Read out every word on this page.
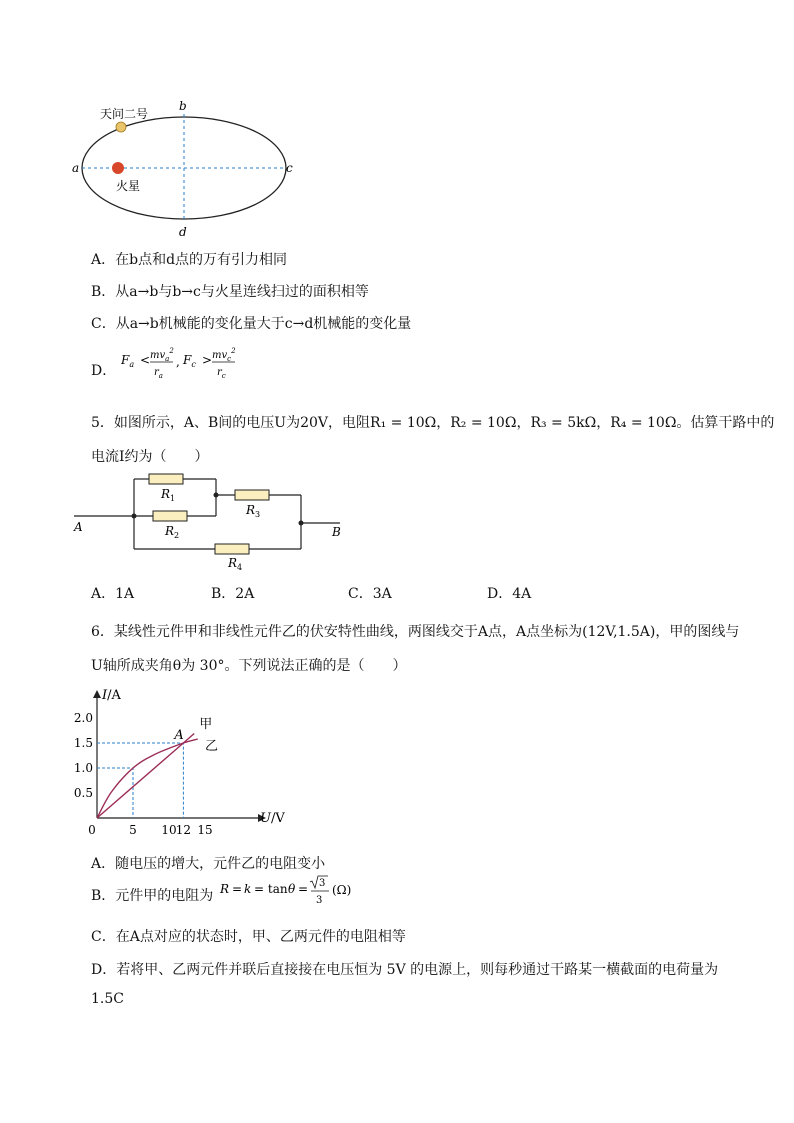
天问二号
火星
a
b
c
d
A．在b点和d点的万有引力相同
B．从a→b与b→c与火星连线扫过的面积相等
C．从a→b机械能的变化量大于c→d机械能的变化量
D．
$F_a < mv_a^2$
$r_a$
, $F_c > mv_c^2$
$r_c$
5．如图所示，A、B间的电压U为20V，电阻R₁ = 10Ω，R₂ = 10Ω，R₃ = 5kΩ，R₄ = 10Ω。估算干路中的
电流I约为（　　）
A	B
$R_1$
$R_2$
$R_3$
$R_4$
A．1A	B．2A	C．3A	D．4A
6．某线性元件甲和非线性元件乙的伏安特性曲线，两图线交于A点，A点坐标为(12V,1.5A)，甲的图线与
U轴所成夹角θ为 30°。下列说法正确的是（　　）
U/V
I/A
0	5 10 12 15
0.5
1.0
1.5
2.0	甲
乙
A
A．随电压的增大，元件乙的电阻变小
B．元件甲的电阻为 R = k = tan θ = 3
3
(Ω)
C．在A点对应的状态时，甲、乙两元件的电阻相等
D．若将甲、乙两元件并联后直接接在电压恒为 5V 的电源上，则每秒通过干路某一横截面的电荷量为
1.5C
